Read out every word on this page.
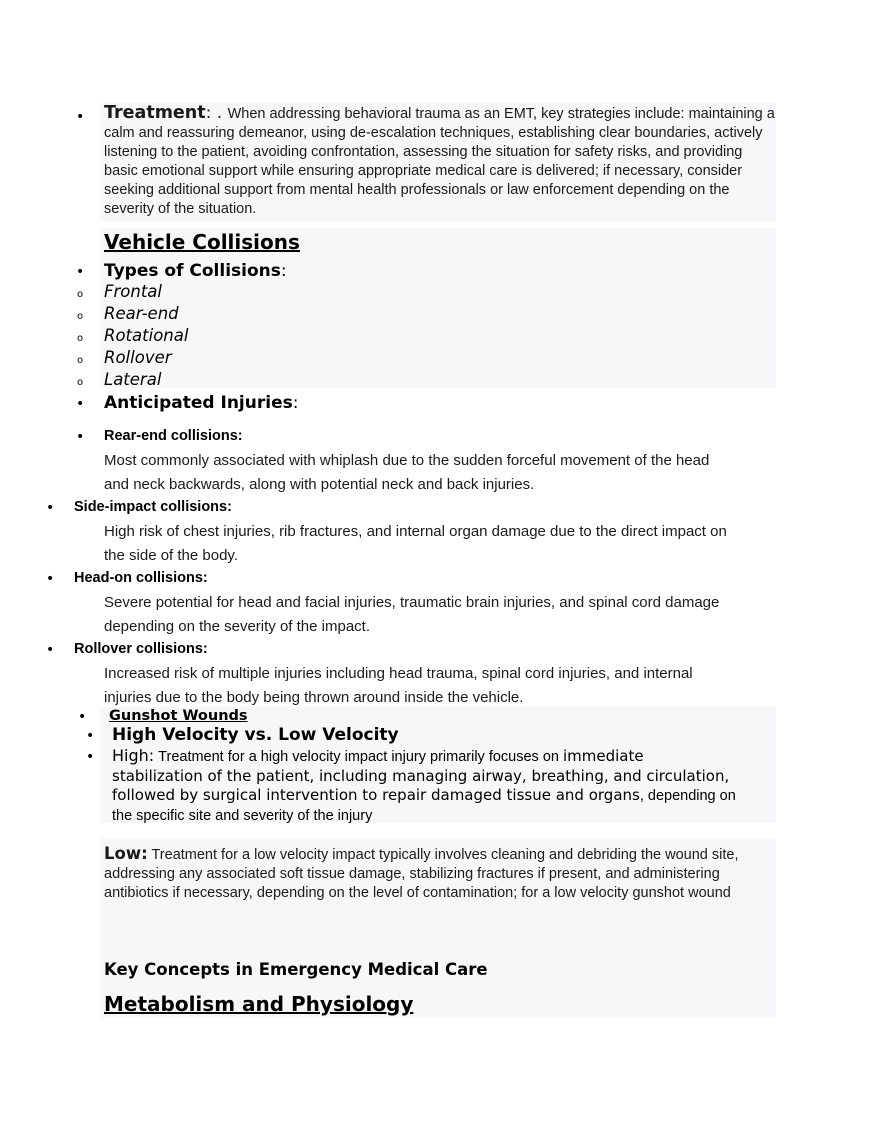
• Treatment: . When addressing behavioral trauma as an EMT, key strategies include: maintaining a calm and reassuring demeanor, using de-escalation techniques, establishing clear boundaries, actively listening to the patient, avoiding confrontation, assessing the situation for safety risks, and providing basic emotional support while ensuring appropriate medical care is delivered; if necessary, consider seeking additional support from mental health professionals or law enforcement depending on the severity of the situation.
Vehicle Collisions
• Types of Collisions:
o Frontal
o Rear-end
o Rotational
o Rollover
o Lateral
• Anticipated Injuries:
• Rear-end collisions:
Most commonly associated with whiplash due to the sudden forceful movement of the head
and neck backwards, along with potential neck and back injuries.
• Side-impact collisions:
High risk of chest injuries, rib fractures, and internal organ damage due to the direct impact on
the side of the body.
• Head-on collisions:
Severe potential for head and facial injuries, traumatic brain injuries, and spinal cord damage
depending on the severity of the impact.
• Rollover collisions:
Increased risk of multiple injuries including head trauma, spinal cord injuries, and internal
injuries due to the body being thrown around inside the vehicle.
• Gunshot Wounds
• High Velocity vs. Low Velocity
• High: Treatment for a high velocity impact injury primarily focuses on immediate
stabilization of the patient, including managing airway, breathing, and circulation,
followed by surgical intervention to repair damaged tissue and organs, depending on
the specific site and severity of the injury
Low: Treatment for a low velocity impact typically involves cleaning and debriding the wound site, addressing any associated soft tissue damage, stabilizing fractures if present, and administering antibiotics if necessary, depending on the level of contamination; for a low velocity gunshot wound
Key Concepts in Emergency Medical Care
Metabolism and Physiology
